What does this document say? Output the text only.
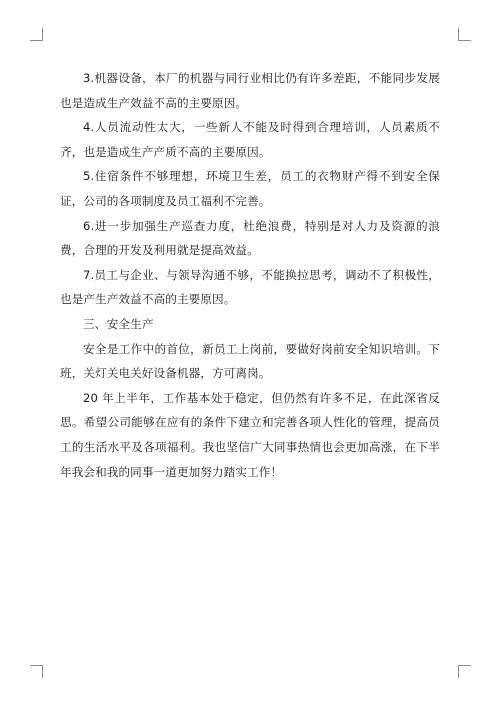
3.机器设备，本厂的机器与同行业相比仍有许多差距，不能同步发展也是造成生产效益不高的主要原因。

4.人员流动性太大，一些新人不能及时得到合理培训，人员素质不齐，也是造成生产产质不高的主要原因。

5.住宿条件不够理想，环境卫生差，员工的衣物财产得不到安全保证，公司的各项制度及员工福利不完善。

6.进一步加强生产巡查力度，杜绝浪费，特别是对人力及资源的浪费，合理的开发及利用就是提高效益。

7.员工与企业、与领导沟通不够，不能换拉思考，调动不了积极性，也是产生产效益不高的主要原因。

三、安全生产

安全是工作中的首位，新员工上岗前，要做好岗前安全知识培训。下班，关灯关电关好设备机器，方可离岗。

20 年上半年，工作基本处于稳定，但仍然有许多不足，在此深省反思。希望公司能够在应有的条件下建立和完善各项人性化的管理，提高员工的生活水平及各项福利。我也坚信广大同事热情也会更加高涨，在下半年我会和我的同事一道更加努力踏实工作！
